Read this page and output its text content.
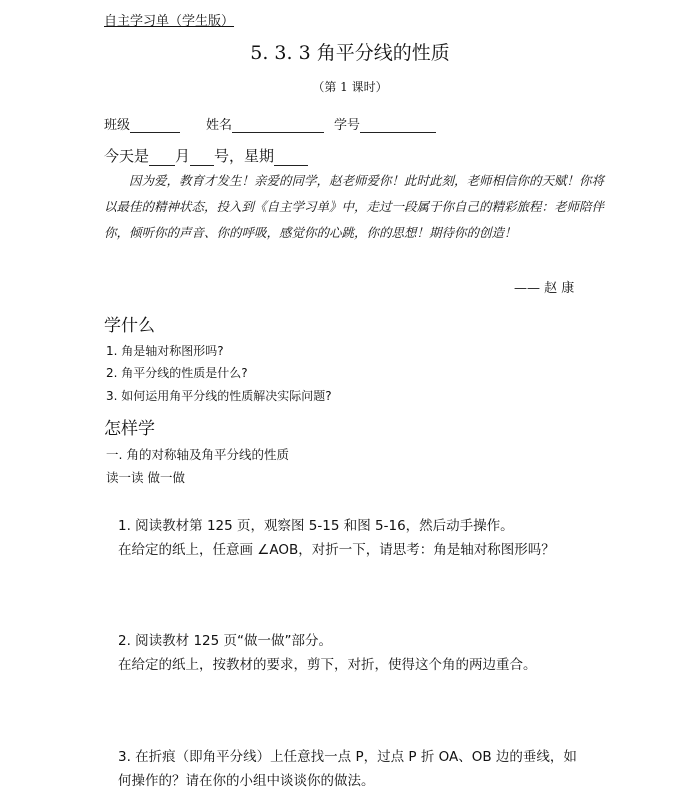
自主学习单（学生版）
5. 3. 3 角平分线的性质
（第 1 课时）
班级	姓名	学号
今天是 月 号，星期

因为爱，教育才发生！亲爱的同学，赵老师爱你！此时此刻，老师相信你的天赋！你将以最佳的精神状态，投入到《自主学习单》中，走过一段属于你自己的精彩旅程：老师陪伴你，倾听你的声音、你的呼吸，感觉你的心跳，你的思想！期待你的创造！

—— 赵 康
学什么
1. 角是轴对称图形吗?
2. 角平分线的性质是什么?
3. 如何运用角平分线的性质解决实际问题?
怎样学
一. 角的对称轴及角平分线的性质
读一读 做一做
1. 阅读教材第 125 页，观察图 5-15 和图 5-16，然后动手操作。
在给定的纸上，任意画 ∠AOB，对折一下，请思考：角是轴对称图形吗？
2. 阅读教材 125 页“做一做”部分。
在给定的纸上，按教材的要求，剪下，对折，使得这个角的两边重合。
3. 在折痕（即角平分线）上任意找一点 P，过点 P 折 OA、OB 边的垂线，如
何操作的？请在你的小组中谈谈你的做法。
